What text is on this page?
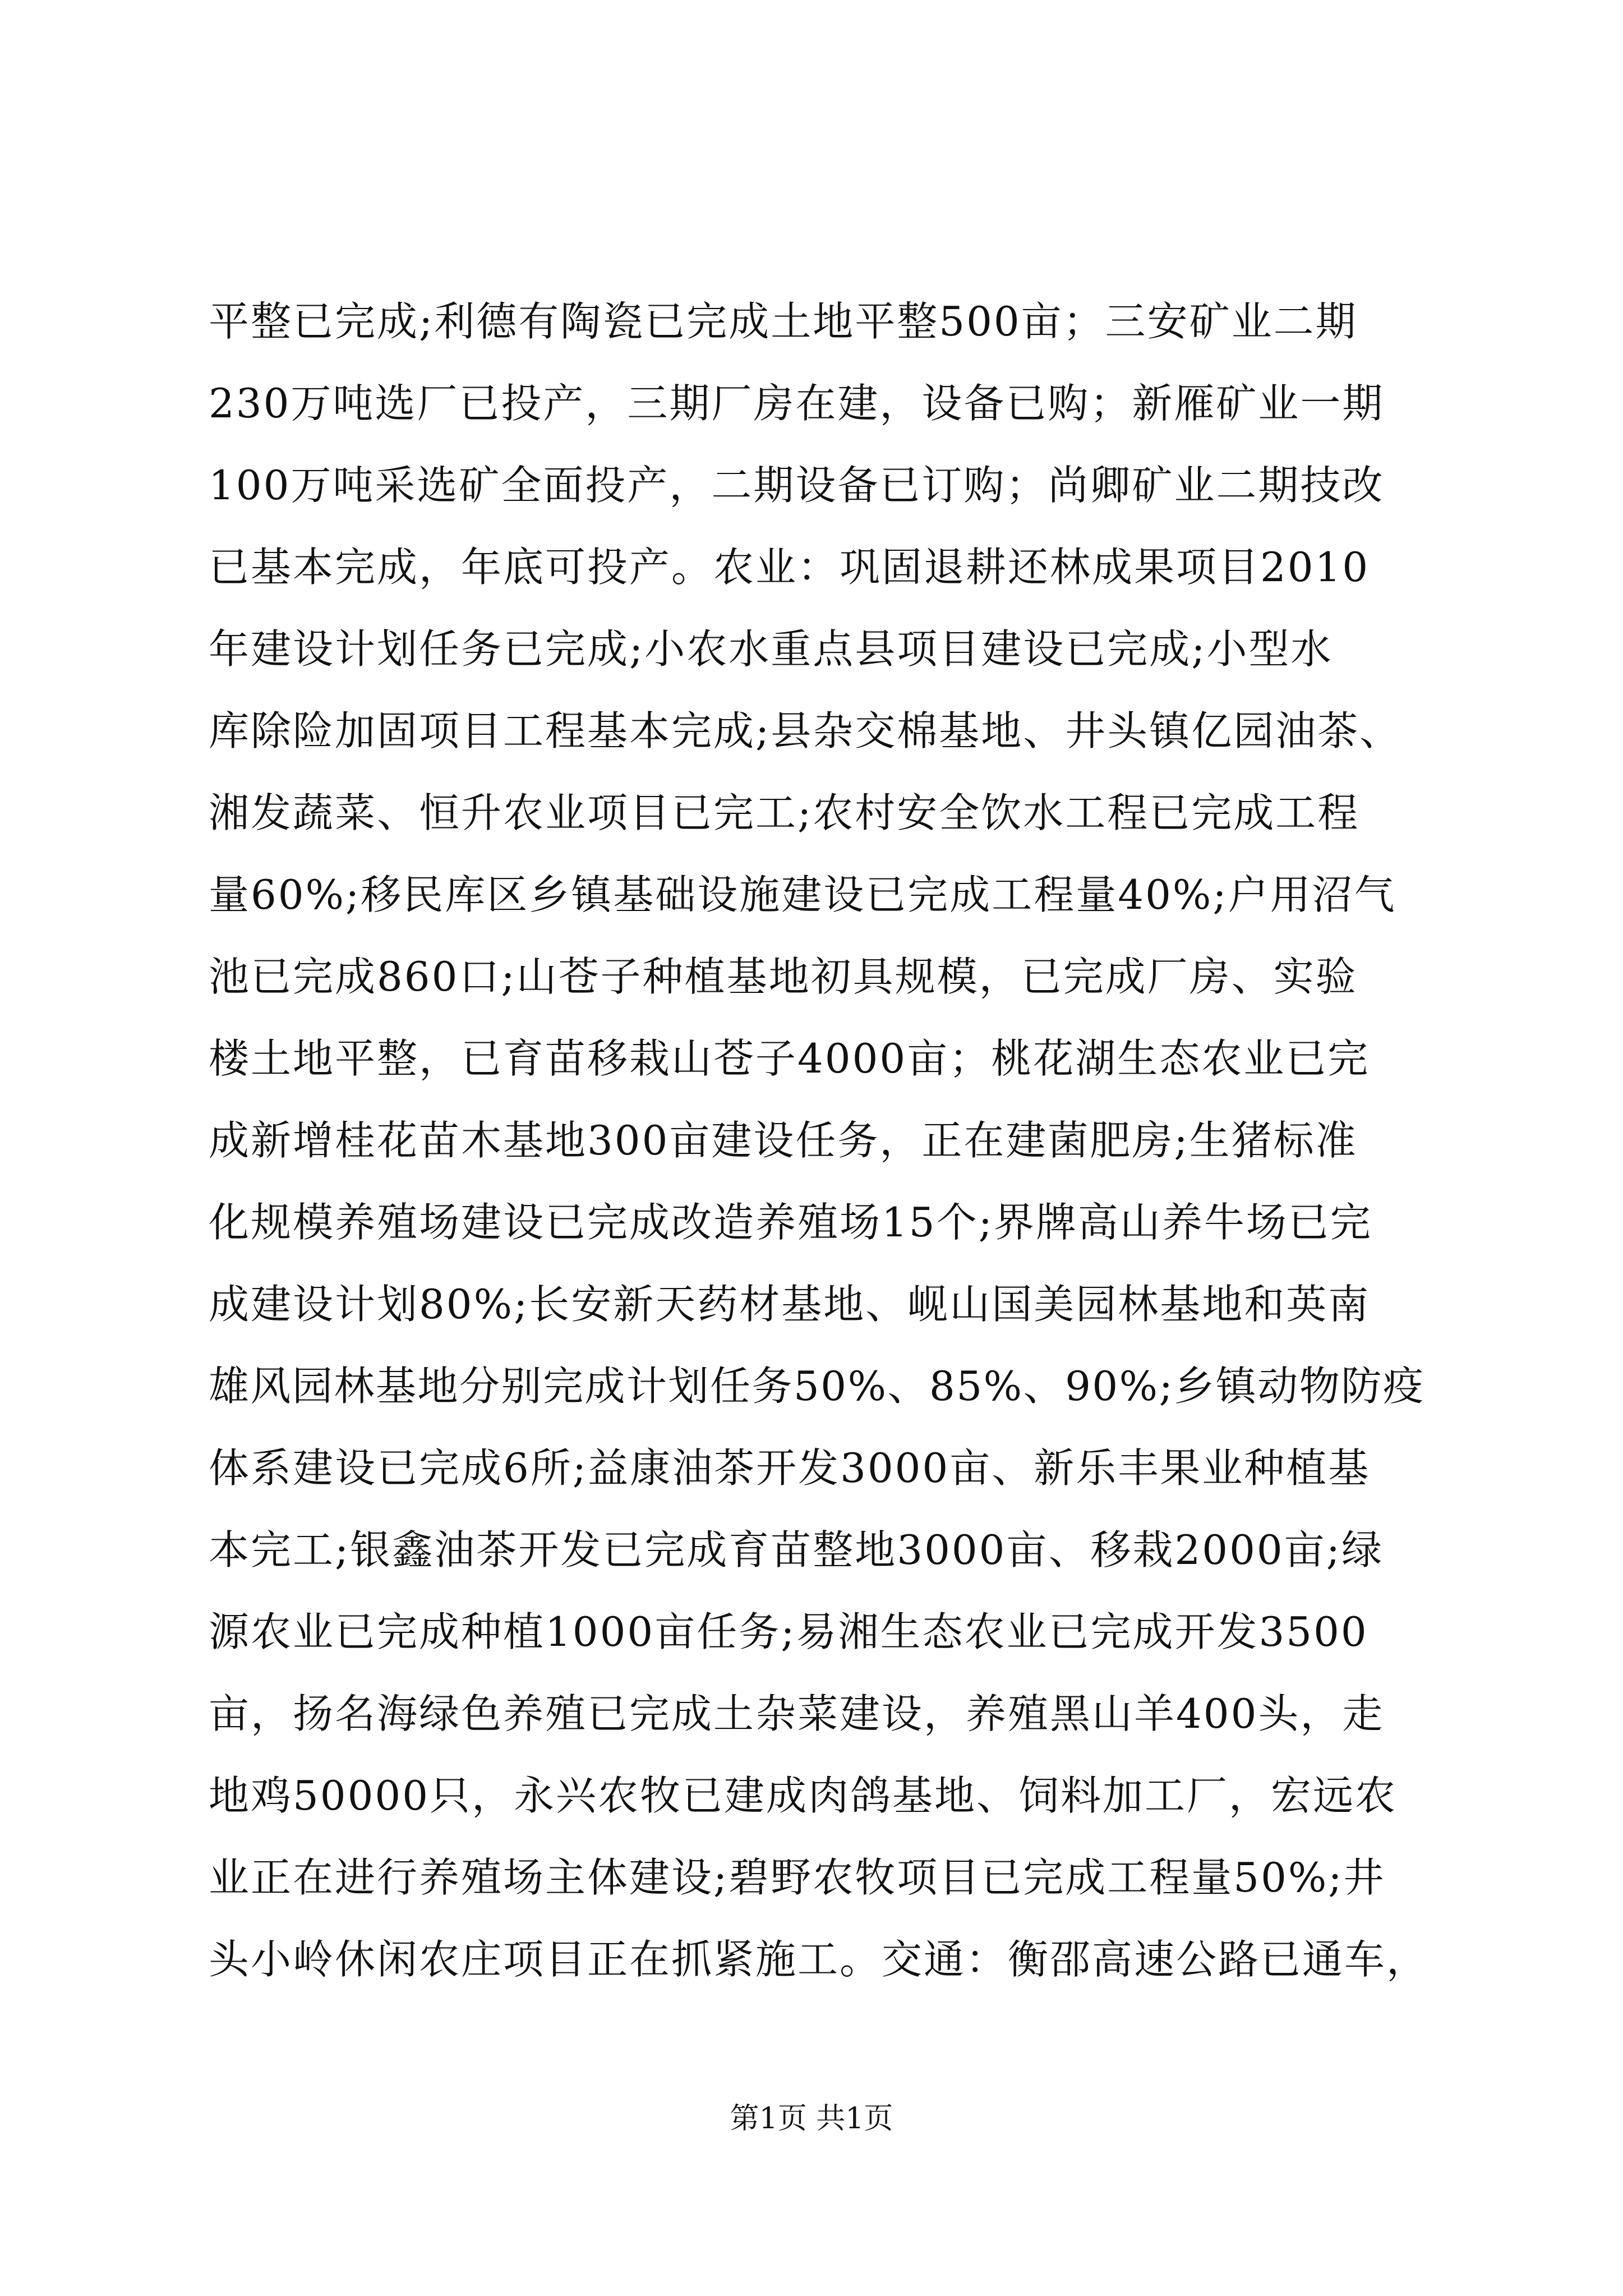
平整已完成;利德有陶瓷已完成土地平整500亩；三安矿业二期
230万吨选厂已投产，三期厂房在建，设备已购；新雁矿业一期
100万吨采选矿全面投产，二期设备已订购；尚卿矿业二期技改
已基本完成，年底可投产。农业：巩固退耕还林成果项目2010
年建设计划任务已完成;小农水重点县项目建设已完成;小型水
库除险加固项目工程基本完成;县杂交棉基地、井头镇亿园油茶、
湘发蔬菜、恒升农业项目已完工;农村安全饮水工程已完成工程
量60%;移民库区乡镇基础设施建设已完成工程量40%;户用沼气
池已完成860口;山苍子种植基地初具规模，已完成厂房、实验
楼土地平整，已育苗移栽山苍子4000亩；桃花湖生态农业已完
成新增桂花苗木基地300亩建设任务，正在建菌肥房;生猪标准
化规模养殖场建设已完成改造养殖场15个;界牌高山养牛场已完
成建设计划80%;长安新天药材基地、岘山国美园林基地和英南
雄风园林基地分别完成计划任务50%、85%、90%;乡镇动物防疫
体系建设已完成6所;益康油茶开发3000亩、新乐丰果业种植基
本完工;银鑫油茶开发已完成育苗整地3000亩、移栽2000亩;绿
源农业已完成种植1000亩任务;易湘生态农业已完成开发3500
亩，扬名海绿色养殖已完成土杂菜建设，养殖黑山羊400头，走
地鸡50000只，永兴农牧已建成肉鸽基地、饲料加工厂，宏远农
业正在进行养殖场主体建设;碧野农牧项目已完成工程量50%;井
头小岭休闲农庄项目正在抓紧施工。交通：衡邵高速公路已通车，
第1页 共1页
